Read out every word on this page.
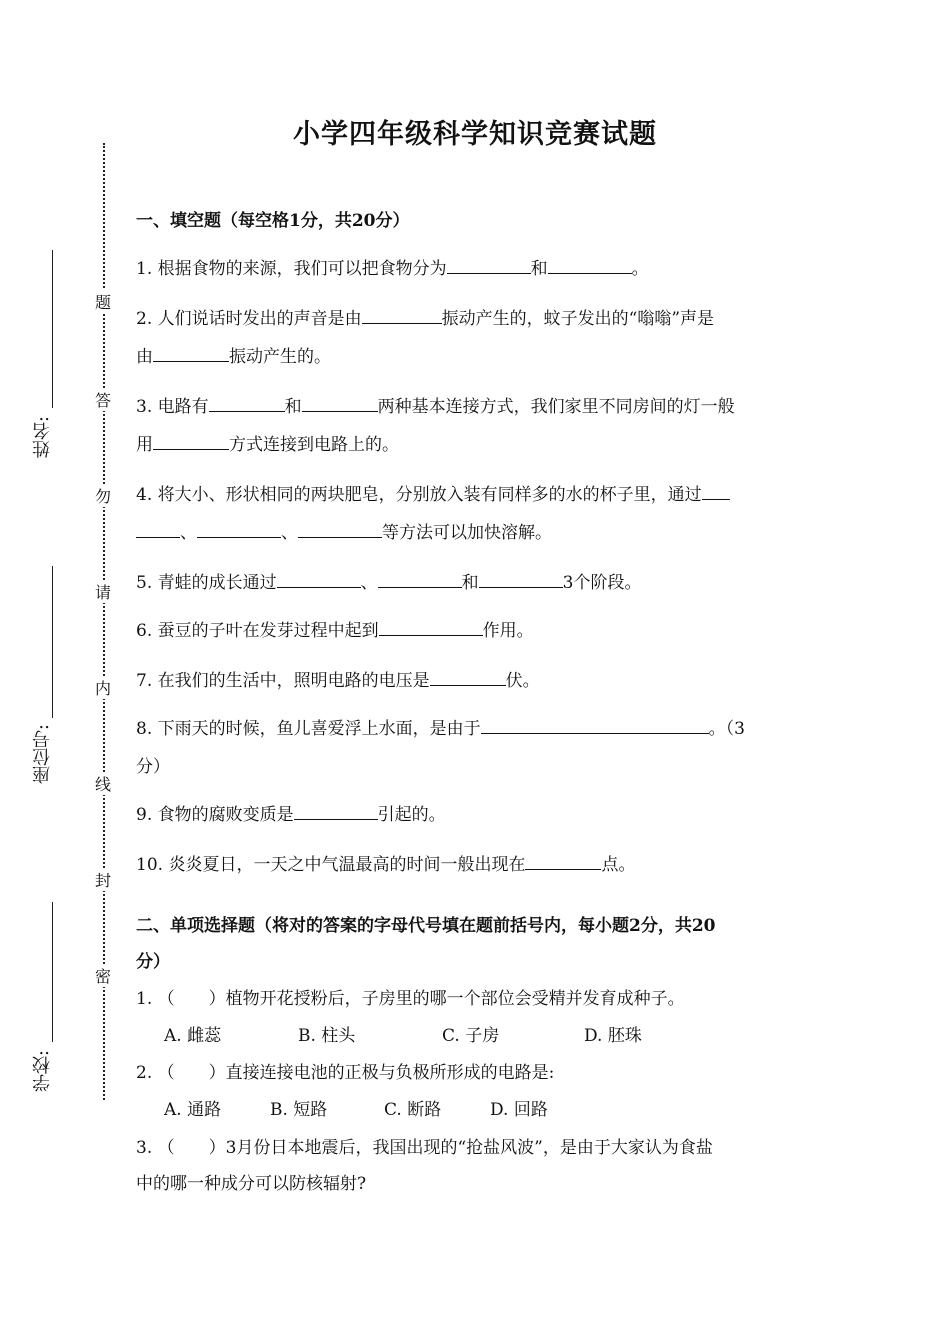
小学四年级科学知识竞赛试题
姓名:
座位号:
学校:
题
答
勿
请
内
线
封
密
一、填空题（每空格1分，共20分）
1. 根据食物的来源，我们可以把食物分为	和	。
2. 人们说话时发出的声音是由	振动产生的，蚊子发出的“嗡嗡”声是
由	振动产生的。
3. 电路有	和	两种基本连接方式，我们家里不同房间的灯一般
用	方式连接到电路上的。
4. 将大小、形状相同的两块肥皂，分别放入装有同样多的水的杯子里，通过
、	、	等方法可以加快溶解。
5. 青蛙的成长通过	、	和	3个阶段。
6. 蚕豆的子叶在发芽过程中起到	作用。
7. 在我们的生活中，照明电路的电压是	伏。
8. 下雨天的时候，鱼儿喜爱浮上水面，是由于	。（3
分）
9. 食物的腐败变质是	引起的。
10. 炎炎夏日，一天之中气温最高的时间一般出现在	点。
二、单项选择题（将对的答案的字母代号填在题前括号内，每小题2分，共20
分）
1. （　　）植物开花授粉后，子房里的哪一个部位会受精并发育成种子。
A. 雌蕊	B. 柱头	C. 子房	D. 胚珠
2. （　　）直接连接电池的正极与负极所形成的电路是:
A. 通路	B. 短路	C. 断路	D. 回路
3. （　　）3月份日本地震后，我国出现的“抢盐风波”，是由于大家认为食盐
中的哪一种成分可以防核辐射?
